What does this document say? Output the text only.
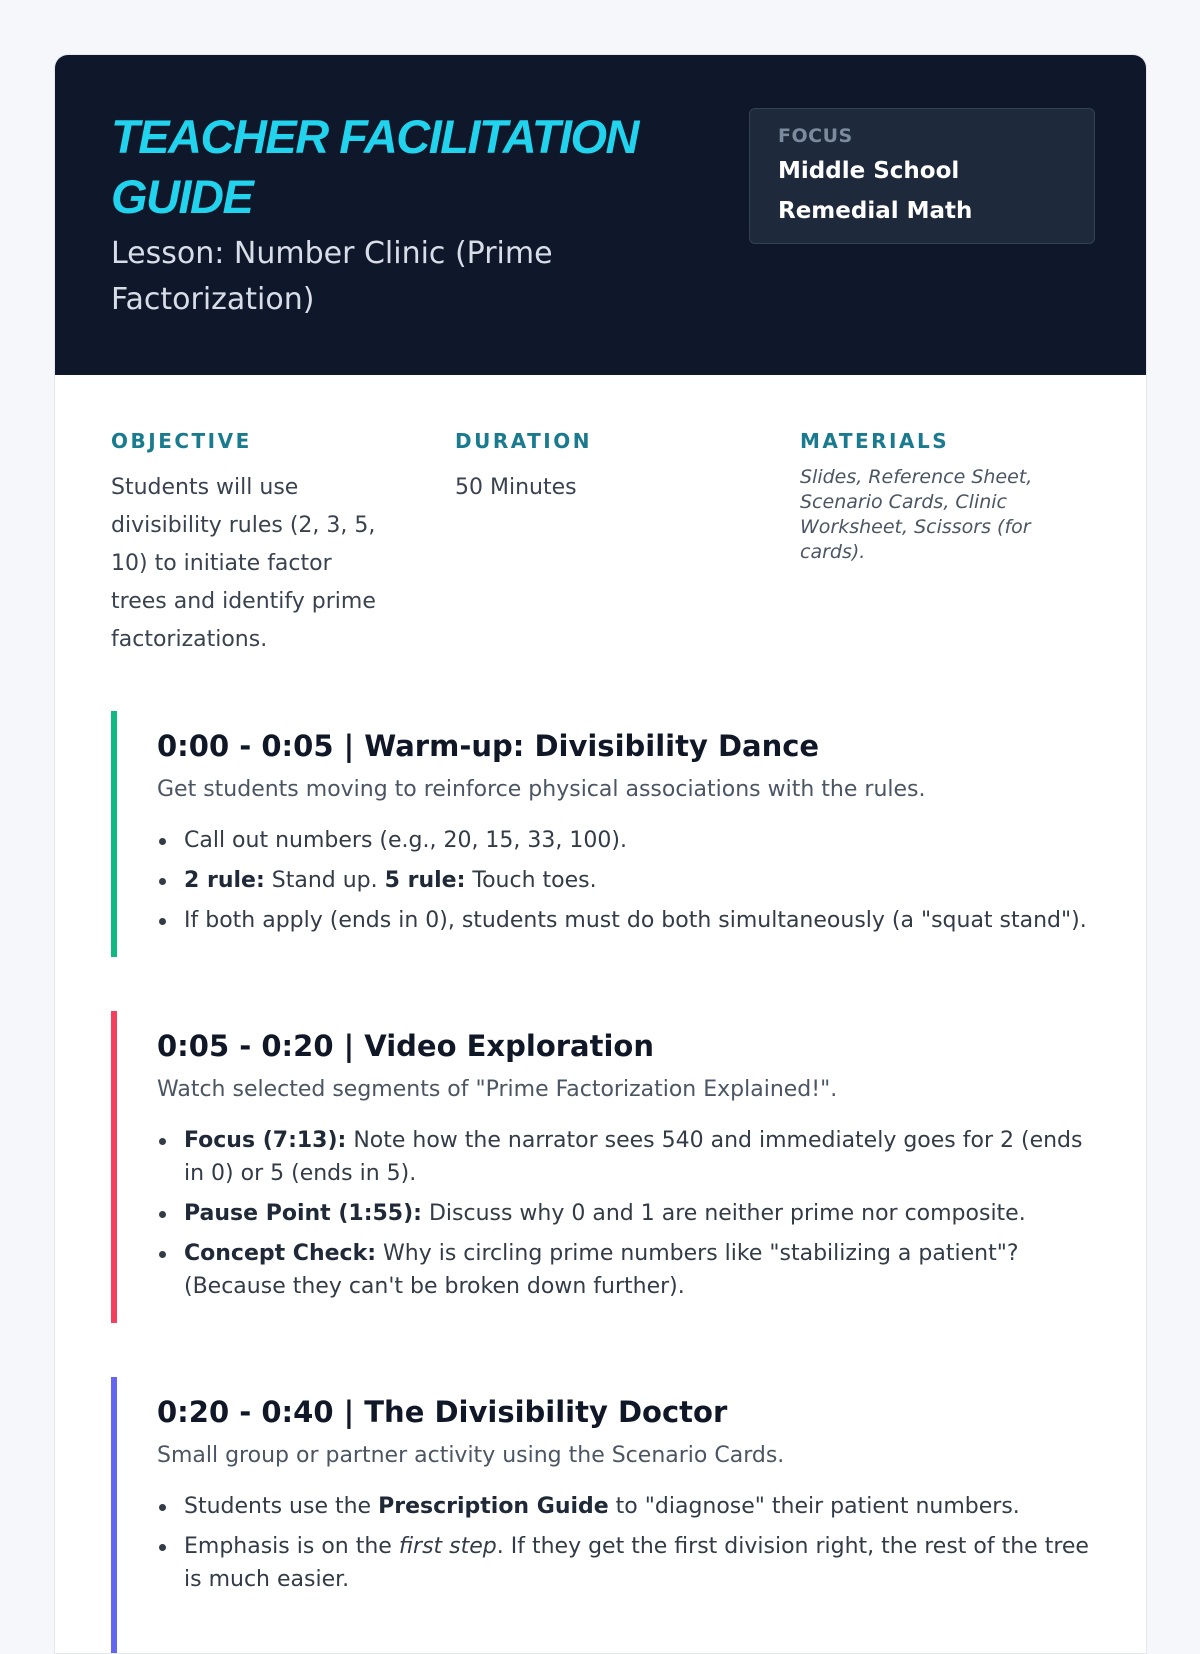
TEACHER FACILITATION GUIDE
Lesson: Number Clinic (Prime Factorization)
FOCUS
Middle School Remedial Math
OBJECTIVE
Students will use divisibility rules (2, 3, 5, 10) to initiate factor trees and identify prime factorizations.
DURATION
50 Minutes
MATERIALS
Slides, Reference Sheet, Scenario Cards, Clinic Worksheet, Scissors (for cards).
0:00 - 0:05 | Warm-up: Divisibility Dance
Get students moving to reinforce physical associations with the rules.
Call out numbers (e.g., 20, 15, 33, 100).
2 rule: Stand up. 5 rule: Touch toes.
If both apply (ends in 0), students must do both simultaneously (a "squat stand").
0:05 - 0:20 | Video Exploration
Watch selected segments of "Prime Factorization Explained!".
Focus (7:13): Note how the narrator sees 540 and immediately goes for 2 (ends in 0) or 5 (ends in 5).
Pause Point (1:55): Discuss why 0 and 1 are neither prime nor composite.
Concept Check: Why is circling prime numbers like "stabilizing a patient"? (Because they can't be broken down further).
0:20 - 0:40 | The Divisibility Doctor
Small group or partner activity using the Scenario Cards.
Students use the Prescription Guide to "diagnose" their patient numbers.
Emphasis is on the first step. If they get the first division right, the rest of the tree is much easier.
